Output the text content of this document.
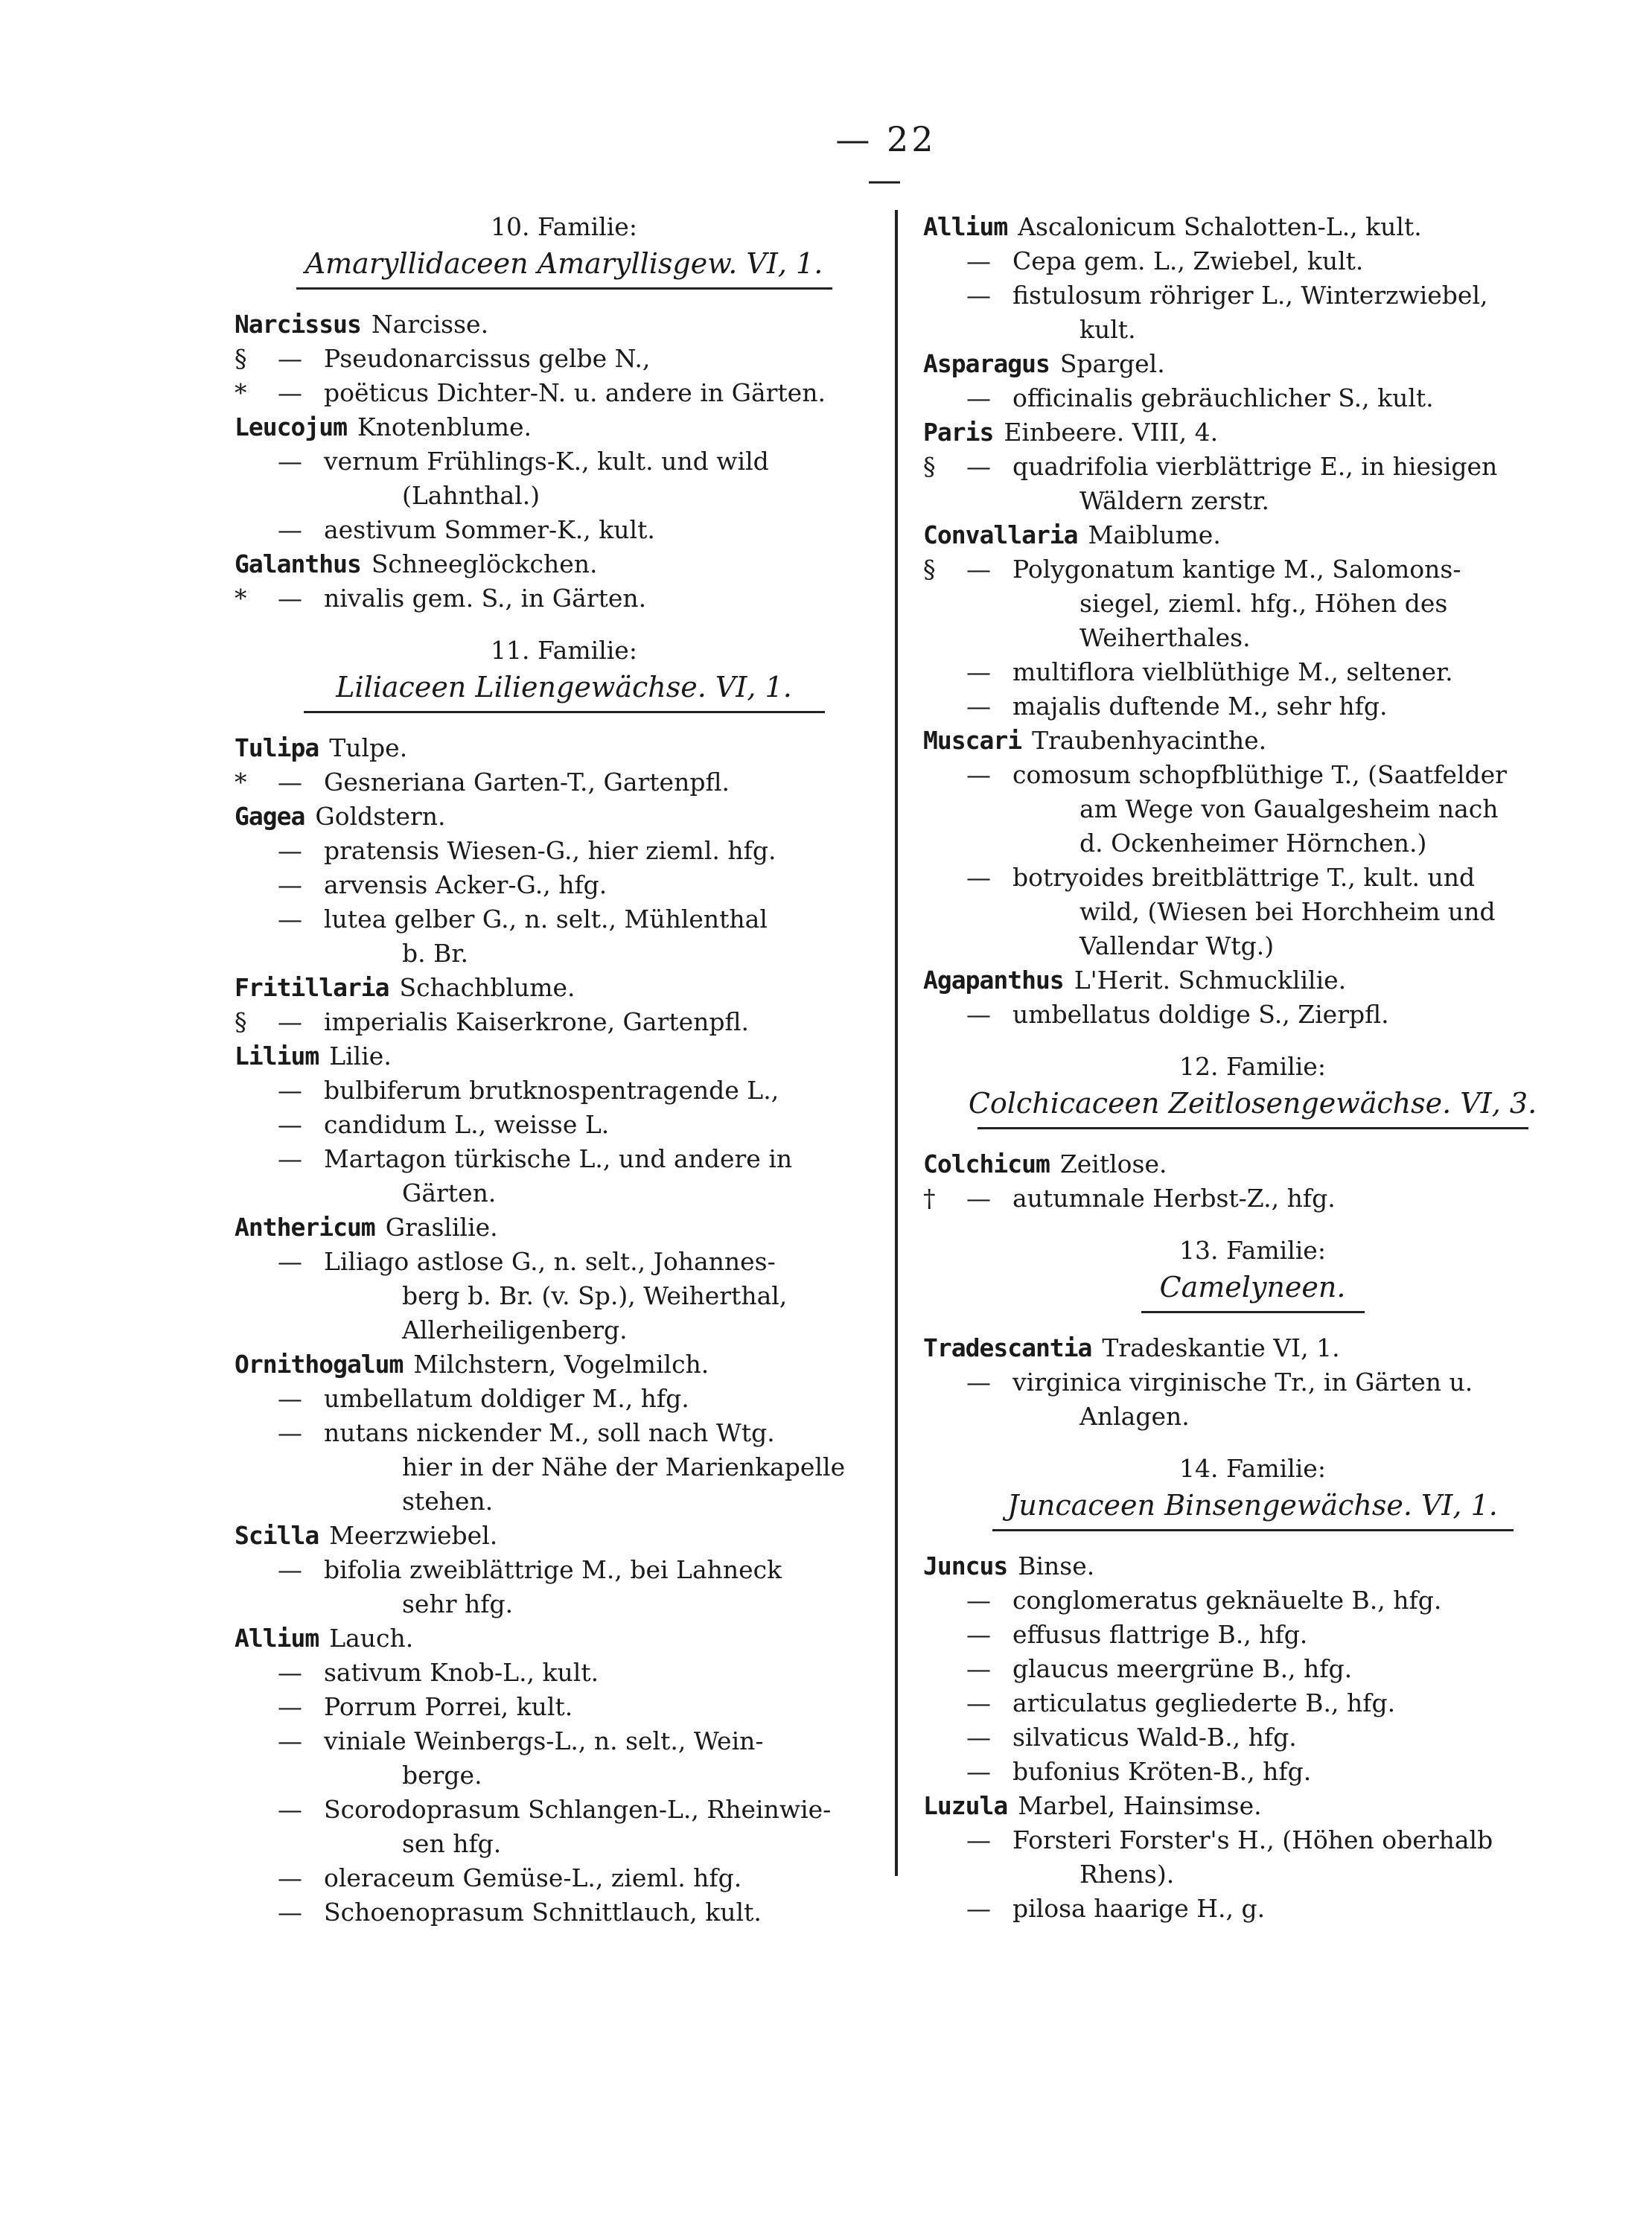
— 22 —
10. Familie:
Amaryllidaceen Amaryllisgew. VI, 1.
Narcissus Narcisse.
§ — Pseudonarcissus gelbe N.,
* — poëticus Dichter-N. u. andere in Gärten.
Leucojum Knotenblume.
— vernum Frühlings-K., kult. und wild
(Lahnthal.)
— aestivum Sommer-K., kult.
Galanthus Schneeglöckchen.
* — nivalis gem. S., in Gärten.
11. Familie:
Liliaceen Liliengewächse. VI, 1.
Tulipa Tulpe.
* — Gesneriana Garten-T., Gartenpfl.
Gagea Goldstern.
— pratensis Wiesen-G., hier zieml. hfg.
— arvensis Acker-G., hfg.
— lutea gelber G., n. selt., Mühlenthal
b. Br.
Fritillaria Schachblume.
§ — imperialis Kaiserkrone, Gartenpfl.
Lilium Lilie.
— bulbiferum brutknospentragende L.,
— candidum L., weisse L.
— Martagon türkische L., und andere in
Gärten.
Anthericum Graslilie.
— Liliago astlose G., n. selt., Johannes-
berg b. Br. (v. Sp.), Weiherthal,
Allerheiligenberg.
Ornithogalum Milchstern, Vogelmilch.
— umbellatum doldiger M., hfg.
— nutans nickender M., soll nach Wtg.
hier in der Nähe der Marienkapelle
stehen.
Scilla Meerzwiebel.
— bifolia zweiblättrige M., bei Lahneck
sehr hfg.
Allium Lauch.
— sativum Knob-L., kult.
— Porrum Porrei, kult.
— viniale Weinbergs-L., n. selt., Wein-
berge.
— Scorodoprasum Schlangen-L., Rheinwie-
sen hfg.
— oleraceum Gemüse-L., zieml. hfg.
— Schoenoprasum Schnittlauch, kult.
Allium Ascalonicum Schalotten-L., kult.
— Cepa gem. L., Zwiebel, kult.
— fistulosum röhriger L., Winterzwiebel,
kult.
Asparagus Spargel.
— officinalis gebräuchlicher S., kult.
Paris Einbeere. VIII, 4.
§ — quadrifolia vierblättrige E., in hiesigen
Wäldern zerstr.
Convallaria Maiblume.
§ — Polygonatum kantige M., Salomons-
siegel, zieml. hfg., Höhen des
Weiherthales.
— multiflora vielblüthige M., seltener.
— majalis duftende M., sehr hfg.
Muscari Traubenhyacinthe.
— comosum schopfblüthige T., (Saatfelder
am Wege von Gaualgesheim nach
d. Ockenheimer Hörnchen.)
— botryoides breitblättrige T., kult. und
wild, (Wiesen bei Horchheim und
Vallendar Wtg.)
Agapanthus L'Herit. Schmucklilie.
— umbellatus doldige S., Zierpfl.
12. Familie:
Colchicaceen Zeitlosengewächse. VI, 3.
Colchicum Zeitlose.
† — autumnale Herbst-Z., hfg.
13. Familie:
Camelyneen.
Tradescantia Tradeskantie VI, 1.
— virginica virginische Tr., in Gärten u.
Anlagen.
14. Familie:
Juncaceen Binsengewächse. VI, 1.
Juncus Binse.
— conglomeratus geknäuelte B., hfg.
— effusus flattrige B., hfg.
— glaucus meergrüne B., hfg.
— articulatus gegliederte B., hfg.
— silvaticus Wald-B., hfg.
— bufonius Kröten-B., hfg.
Luzula Marbel, Hainsimse.
— Forsteri Forster's H., (Höhen oberhalb
Rhens).
— pilosa haarige H., g.
